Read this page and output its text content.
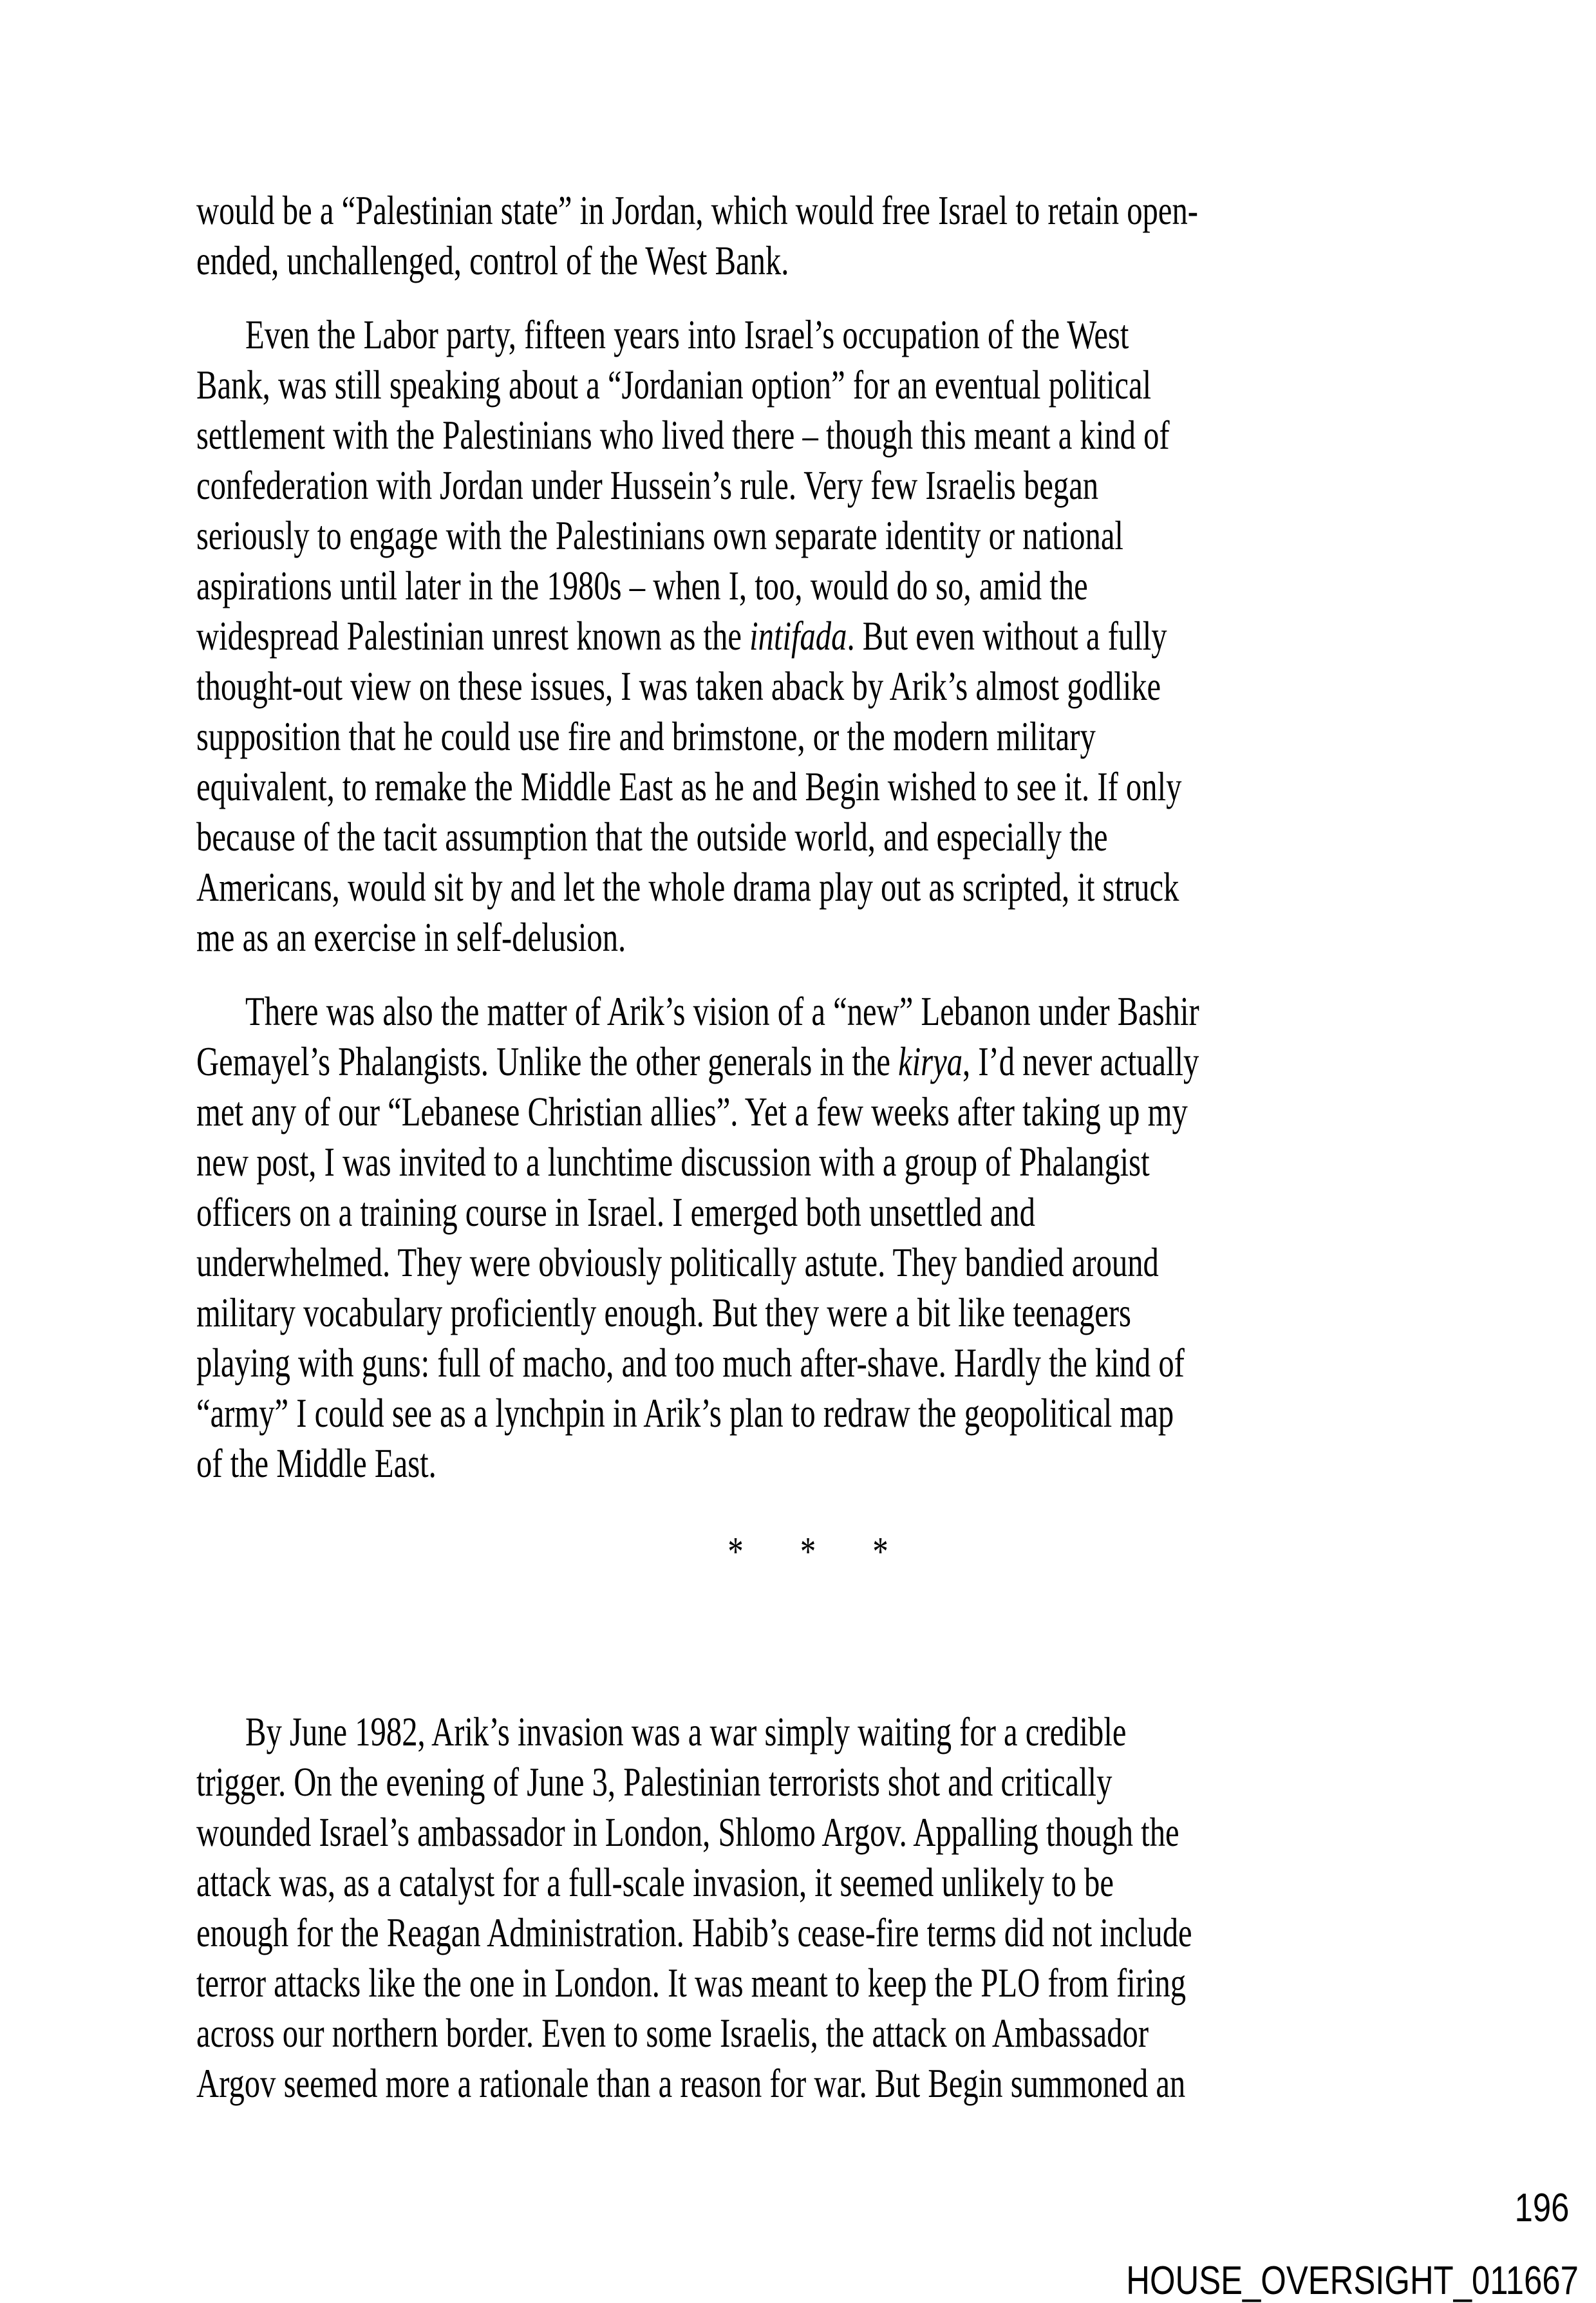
would be a “Palestinian state” in Jordan, which would free Israel to retain open-
ended, unchallenged, control of the West Bank.
Even the Labor party, fifteen years into Israel’s occupation of the West
Bank, was still speaking about a “Jordanian option” for an eventual political
settlement with the Palestinians who lived there – though this meant a kind of
confederation with Jordan under Hussein’s rule. Very few Israelis began
seriously to engage with the Palestinians own separate identity or national
aspirations until later in the 1980s – when I, too, would do so, amid the
widespread Palestinian unrest known as the intifada. But even without a fully
thought-out view on these issues, I was taken aback by Arik’s almost godlike
supposition that he could use fire and brimstone, or the modern military
equivalent, to remake the Middle East as he and Begin wished to see it. If only
because of the tacit assumption that the outside world, and especially the
Americans, would sit by and let the whole drama play out as scripted, it struck
me as an exercise in self-delusion.
There was also the matter of Arik’s vision of a “new” Lebanon under Bashir
Gemayel’s Phalangists. Unlike the other generals in the kirya, I’d never actually
met any of our “Lebanese Christian allies”. Yet a few weeks after taking up my
new post, I was invited to a lunchtime discussion with a group of Phalangist
officers on a training course in Israel. I emerged both unsettled and
underwhelmed. They were obviously politically astute. They bandied around
military vocabulary proficiently enough. But they were a bit like teenagers
playing with guns: full of macho, and too much after-shave. Hardly the kind of
“army” I could see as a lynchpin in Arik’s plan to redraw the geopolitical map
of the Middle East.
* * *
By June 1982, Arik’s invasion was a war simply waiting for a credible
trigger. On the evening of June 3, Palestinian terrorists shot and critically
wounded Israel’s ambassador in London, Shlomo Argov. Appalling though the
attack was, as a catalyst for a full-scale invasion, it seemed unlikely to be
enough for the Reagan Administration. Habib’s cease-fire terms did not include
terror attacks like the one in London. It was meant to keep the PLO from firing
across our northern border. Even to some Israelis, the attack on Ambassador
Argov seemed more a rationale than a reason for war. But Begin summoned an
196
HOUSE_OVERSIGHT_011667
